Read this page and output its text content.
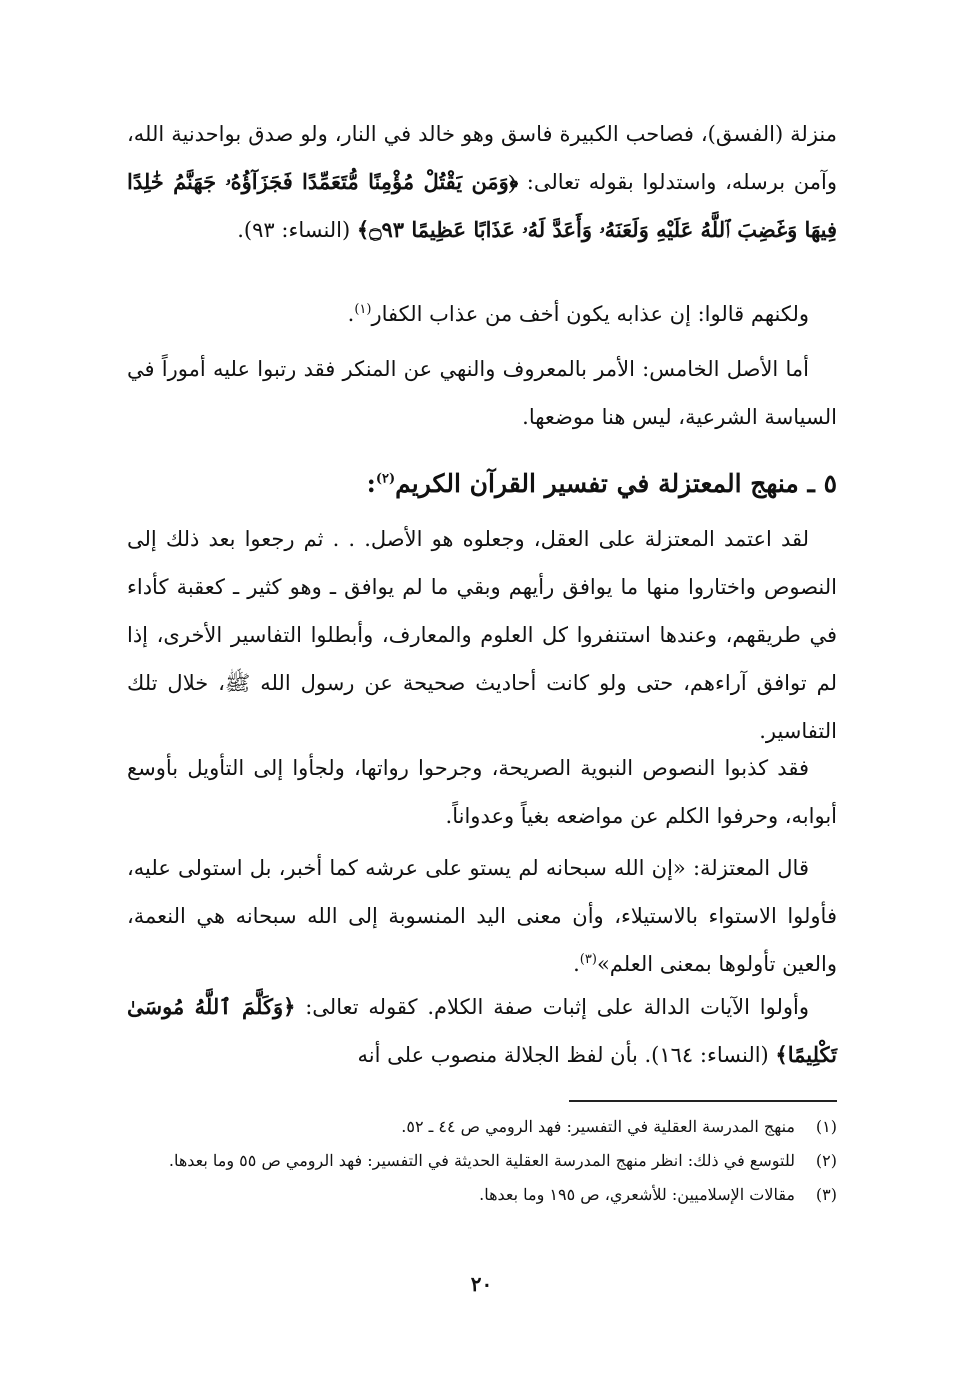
منزلة (الفسق)، فصاحب الكبيرة فاسق وهو خالد في النار، ولو صدق بواحدنية الله، وآمن برسله، واستدلوا بقوله تعالى: ﴿وَمَن يَقْتُلْ مُؤْمِنًا مُّتَعَمِّدًا فَجَزَآؤُهُۥ جَهَنَّمُ خَٰلِدًا فِيهَا وَغَضِبَ ٱللَّهُ عَلَيْهِ وَلَعَنَهُۥ وَأَعَدَّ لَهُۥ عَذَابًا عَظِيمًا ۝٩٣﴾ (النساء: ٩٣).

ولكنهم قالوا: إن عذابه يكون أخف من عذاب الكفار$^{(١)}$.

أما الأصل الخامس: الأمر بالمعروف والنهي عن المنكر فقد رتبوا عليه أموراً في السياسة الشرعية، ليس هنا موضعها.

٥ ـ منهج المعتزلة في تفسير القرآن الكريم$^{(٢)}$:

لقد اعتمد المعتزلة على العقل، وجعلوه هو الأصل. . . ثم رجعوا بعد ذلك إلى النصوص واختاروا منها ما يوافق رأيهم وبقي ما لم يوافق ـ وهو كثير ـ كعقبة كأداء في طريقهم، وعندها استنفروا كل العلوم والمعارف، وأبطلوا التفاسير الأخرى، إذا لم توافق آراءهم، حتى ولو كانت أحاديث صحيحة عن رسول الله ﷺ، خلال تلك التفاسير.

فقد كذبوا النصوص النبوية الصريحة، وجرحوا رواتها، ولجأوا إلى التأويل بأوسع أبوابه، وحرفوا الكلم عن مواضعه بغياً وعدواناً.

قال المعتزلة: «إن الله سبحانه لم يستو على عرشه كما أخبر، بل استولى عليه، فأولوا الاستواء بالاستيلاء، وأن معنى اليد المنسوبة إلى الله سبحانه هي النعمة، والعين تأولوها بمعنى العلم»$^{(٣)}$.

وأولوا الآيات الدالة على إثبات صفة الكلام. كقوله تعالى: ﴿وَكَلَّمَ ٱللَّهُ مُوسَىٰ تَكْلِيمًا﴾ (النساء: ١٦٤). بأن لفظ الجلالة منصوب على أنه

(١)
منهج المدرسة العقلية في التفسير: فهد الرومي ص ٤٤ ـ ٥٢.
(٢)
للتوسع في ذلك: انظر منهج المدرسة العقلية الحديثة في التفسير: فهد الرومي ص ٥٥ وما بعدها.
(٣)
مقالات الإسلاميين: للأشعري، ص ١٩٥ وما بعدها.
٢٠
